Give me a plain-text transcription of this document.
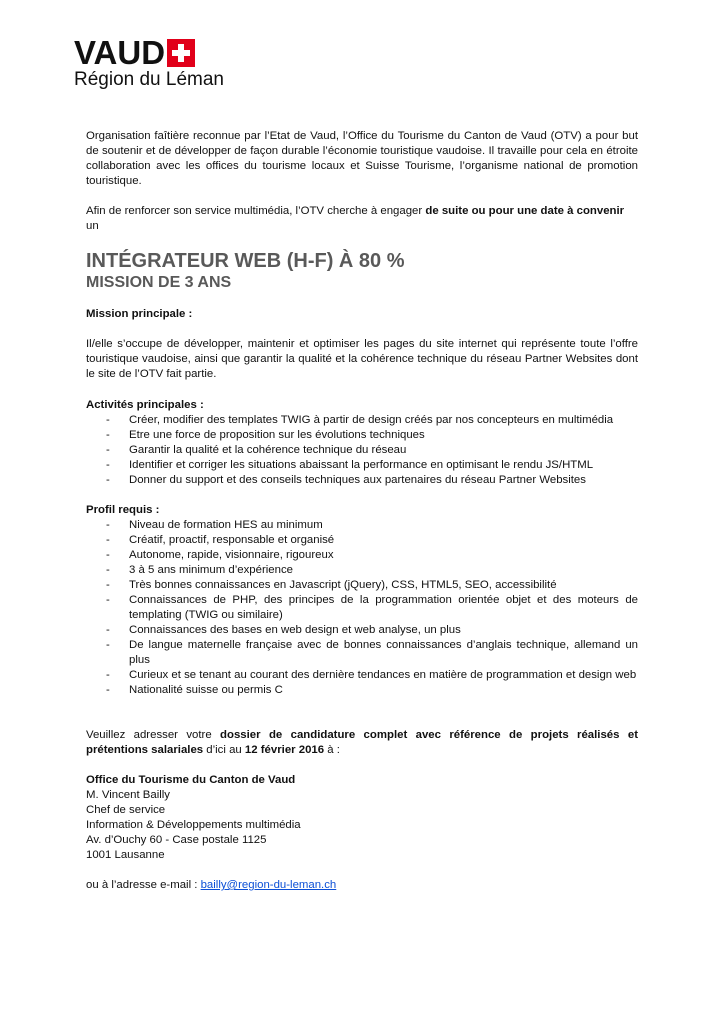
VAUD
Région du Léman

Organisation faîtière reconnue par l’Etat de Vaud, l’Office du Tourisme du Canton de Vaud (OTV) a pour but de soutenir et de développer de façon durable l’économie touristique vaudoise. Il travaille pour cela en étroite collaboration avec les offices du tourisme locaux et Suisse Tourisme, l’organisme national de promotion touristique.

Afin de renforcer son service multimédia, l’OTV cherche à engager de suite ou pour une date à convenir un

INTÉGRATEUR WEB (H-F) À 80 %
MISSION DE 3 ANS

Mission principale :

Il/elle s’occupe de développer, maintenir et optimiser les pages du site internet qui représente toute l’offre touristique vaudoise, ainsi que garantir la qualité et la cohérence technique du réseau Partner Websites dont le site de l’OTV fait partie.

Activités principales :

- Créer, modifier des templates TWIG à partir de design créés par nos concepteurs en multimédia
- Etre une force de proposition sur les évolutions techniques
- Garantir la qualité et la cohérence technique du réseau
- Identifier et corriger les situations abaissant la performance en optimisant le rendu JS/HTML
- Donner du support et des conseils techniques aux partenaires du réseau Partner Websites

Profil requis :

- Niveau de formation HES au minimum
- Créatif, proactif, responsable et organisé
- Autonome, rapide, visionnaire, rigoureux
- 3 à 5 ans minimum d’expérience
- Très bonnes connaissances en Javascript (jQuery), CSS, HTML5, SEO, accessibilité
- Connaissances de PHP, des principes de la programmation orientée objet et des moteurs de templating (TWIG ou similaire)
- Connaissances des bases en web design et web analyse, un plus
- De langue maternelle française avec de bonnes connaissances d’anglais technique, allemand un plus
- Curieux et se tenant au courant des dernière tendances en matière de programmation et design web
- Nationalité suisse ou permis C

Veuillez adresser votre dossier de candidature complet avec référence de projets réalisés et prétentions salariales d’ici au 12 février 2016 à :

Office du Tourisme du Canton de Vaud

M. Vincent Bailly

Chef de service

Information & Développements multimédia

Av. d’Ouchy 60 - Case postale 1125

1001 Lausanne

ou à l’adresse e-mail : bailly@region-du-leman.ch
